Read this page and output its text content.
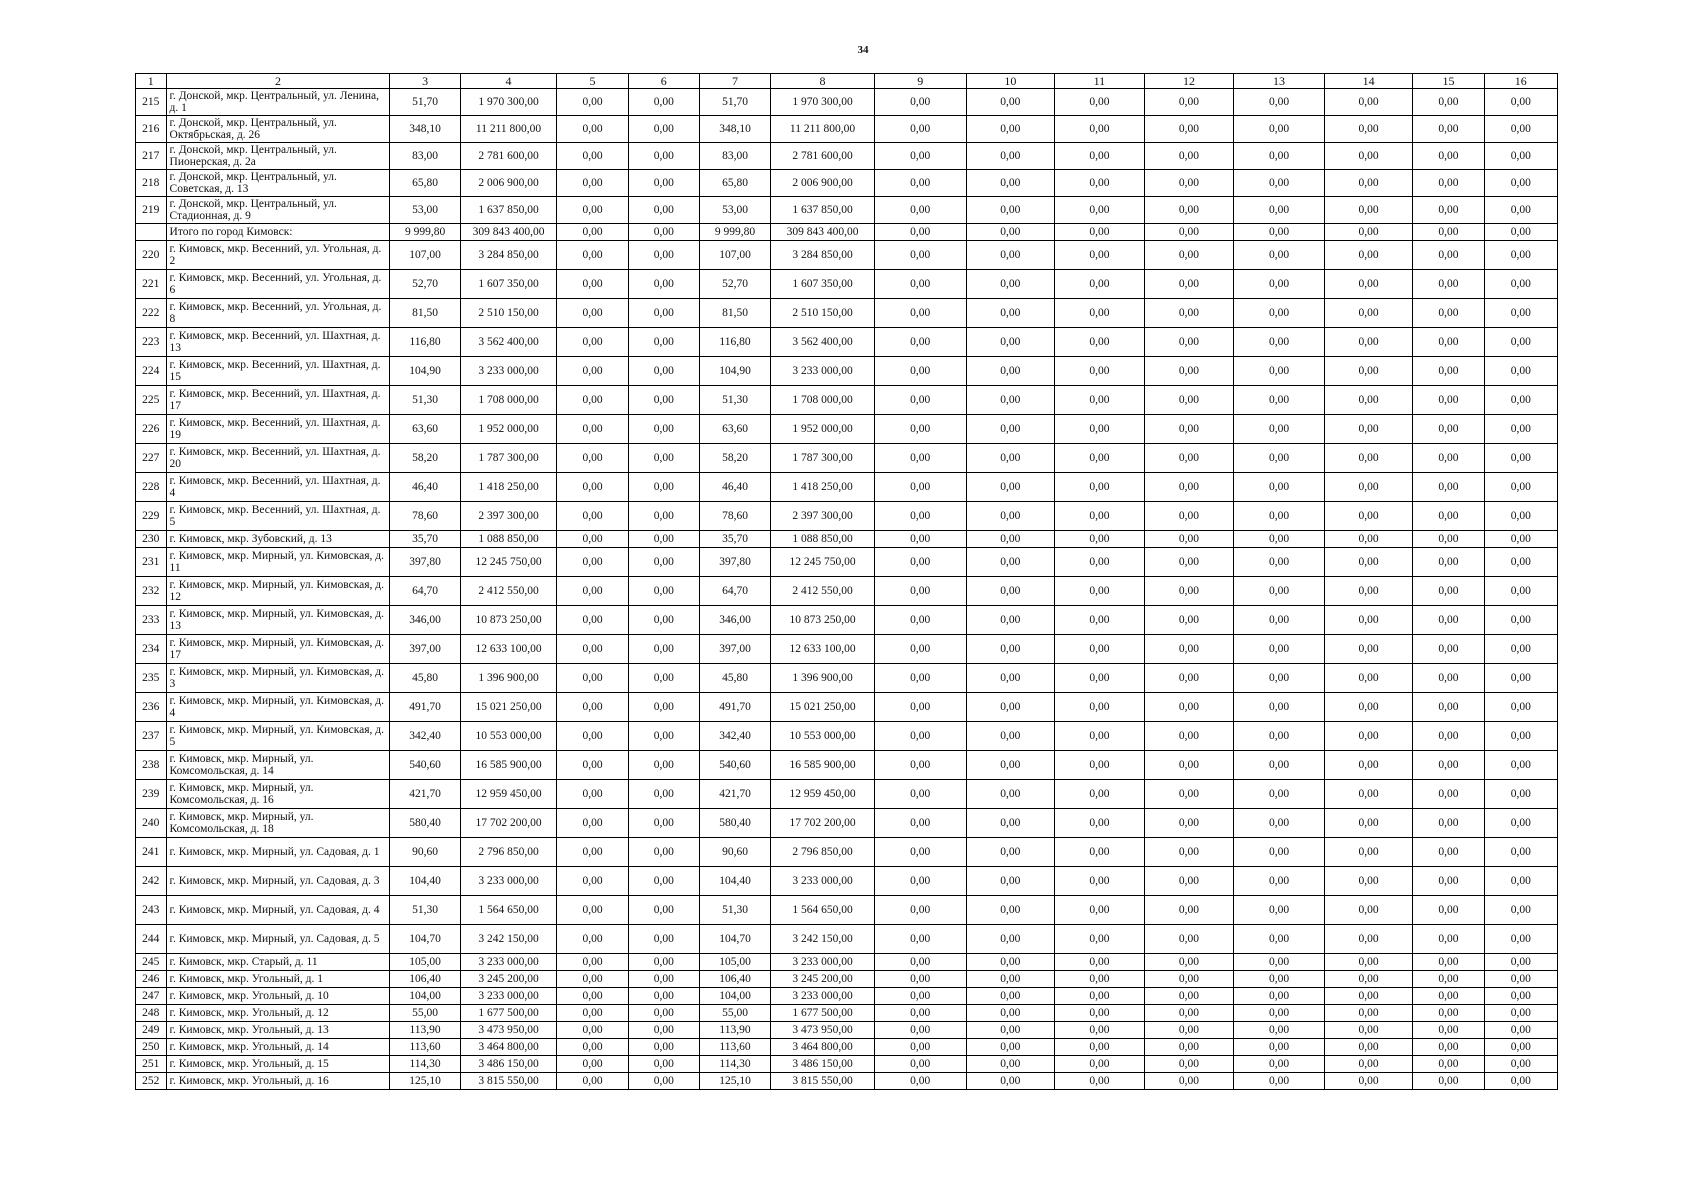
34
1	2	3	4	5	6	7	8	9	10	11	12	13	14	15	16
215	г. Донской, мкр. Центральный, ул. Ленина, д. 1	51,70	1 970 300,00	0,00	0,00	51,70	1 970 300,00	0,00	0,00	0,00	0,00	0,00	0,00	0,00	0,00
216	г. Донской, мкр. Центральный, ул. Октябрьская, д. 26	348,10	11 211 800,00	0,00	0,00	348,10	11 211 800,00	0,00	0,00	0,00	0,00	0,00	0,00	0,00	0,00
217	г. Донской, мкр. Центральный, ул. Пионерская, д. 2а	83,00	2 781 600,00	0,00	0,00	83,00	2 781 600,00	0,00	0,00	0,00	0,00	0,00	0,00	0,00	0,00
218	г. Донской, мкр. Центральный, ул. Советская, д. 13	65,80	2 006 900,00	0,00	0,00	65,80	2 006 900,00	0,00	0,00	0,00	0,00	0,00	0,00	0,00	0,00
219	г. Донской, мкр. Центральный, ул. Стадионная, д. 9	53,00	1 637 850,00	0,00	0,00	53,00	1 637 850,00	0,00	0,00	0,00	0,00	0,00	0,00	0,00	0,00
	Итого по город Кимовск:	9 999,80	309 843 400,00	0,00	0,00	9 999,80	309 843 400,00	0,00	0,00	0,00	0,00	0,00	0,00	0,00	0,00
220	г. Кимовск, мкр. Весенний, ул. Угольная, д. 2	107,00	3 284 850,00	0,00	0,00	107,00	3 284 850,00	0,00	0,00	0,00	0,00	0,00	0,00	0,00	0,00
221	г. Кимовск, мкр. Весенний, ул. Угольная, д. 6	52,70	1 607 350,00	0,00	0,00	52,70	1 607 350,00	0,00	0,00	0,00	0,00	0,00	0,00	0,00	0,00
222	г. Кимовск, мкр. Весенний, ул. Угольная, д. 8	81,50	2 510 150,00	0,00	0,00	81,50	2 510 150,00	0,00	0,00	0,00	0,00	0,00	0,00	0,00	0,00
223	г. Кимовск, мкр. Весенний, ул. Шахтная, д. 13	116,80	3 562 400,00	0,00	0,00	116,80	3 562 400,00	0,00	0,00	0,00	0,00	0,00	0,00	0,00	0,00
224	г. Кимовск, мкр. Весенний, ул. Шахтная, д. 15	104,90	3 233 000,00	0,00	0,00	104,90	3 233 000,00	0,00	0,00	0,00	0,00	0,00	0,00	0,00	0,00
225	г. Кимовск, мкр. Весенний, ул. Шахтная, д. 17	51,30	1 708 000,00	0,00	0,00	51,30	1 708 000,00	0,00	0,00	0,00	0,00	0,00	0,00	0,00	0,00
226	г. Кимовск, мкр. Весенний, ул. Шахтная, д. 19	63,60	1 952 000,00	0,00	0,00	63,60	1 952 000,00	0,00	0,00	0,00	0,00	0,00	0,00	0,00	0,00
227	г. Кимовск, мкр. Весенний, ул. Шахтная, д. 20	58,20	1 787 300,00	0,00	0,00	58,20	1 787 300,00	0,00	0,00	0,00	0,00	0,00	0,00	0,00	0,00
228	г. Кимовск, мкр. Весенний, ул. Шахтная, д. 4	46,40	1 418 250,00	0,00	0,00	46,40	1 418 250,00	0,00	0,00	0,00	0,00	0,00	0,00	0,00	0,00
229	г. Кимовск, мкр. Весенний, ул. Шахтная, д. 5	78,60	2 397 300,00	0,00	0,00	78,60	2 397 300,00	0,00	0,00	0,00	0,00	0,00	0,00	0,00	0,00
230	г. Кимовск, мкр. Зубовский, д. 13	35,70	1 088 850,00	0,00	0,00	35,70	1 088 850,00	0,00	0,00	0,00	0,00	0,00	0,00	0,00	0,00
231	г. Кимовск, мкр. Мирный, ул. Кимовская, д. 11	397,80	12 245 750,00	0,00	0,00	397,80	12 245 750,00	0,00	0,00	0,00	0,00	0,00	0,00	0,00	0,00
232	г. Кимовск, мкр. Мирный, ул. Кимовская, д. 12	64,70	2 412 550,00	0,00	0,00	64,70	2 412 550,00	0,00	0,00	0,00	0,00	0,00	0,00	0,00	0,00
233	г. Кимовск, мкр. Мирный, ул. Кимовская, д. 13	346,00	10 873 250,00	0,00	0,00	346,00	10 873 250,00	0,00	0,00	0,00	0,00	0,00	0,00	0,00	0,00
234	г. Кимовск, мкр. Мирный, ул. Кимовская, д. 17	397,00	12 633 100,00	0,00	0,00	397,00	12 633 100,00	0,00	0,00	0,00	0,00	0,00	0,00	0,00	0,00
235	г. Кимовск, мкр. Мирный, ул. Кимовская, д. 3	45,80	1 396 900,00	0,00	0,00	45,80	1 396 900,00	0,00	0,00	0,00	0,00	0,00	0,00	0,00	0,00
236	г. Кимовск, мкр. Мирный, ул. Кимовская, д. 4	491,70	15 021 250,00	0,00	0,00	491,70	15 021 250,00	0,00	0,00	0,00	0,00	0,00	0,00	0,00	0,00
237	г. Кимовск, мкр. Мирный, ул. Кимовская, д. 5	342,40	10 553 000,00	0,00	0,00	342,40	10 553 000,00	0,00	0,00	0,00	0,00	0,00	0,00	0,00	0,00
238	г. Кимовск, мкр. Мирный, ул. Комсомольская, д. 14	540,60	16 585 900,00	0,00	0,00	540,60	16 585 900,00	0,00	0,00	0,00	0,00	0,00	0,00	0,00	0,00
239	г. Кимовск, мкр. Мирный, ул. Комсомольская, д. 16	421,70	12 959 450,00	0,00	0,00	421,70	12 959 450,00	0,00	0,00	0,00	0,00	0,00	0,00	0,00	0,00
240	г. Кимовск, мкр. Мирный, ул. Комсомольская, д. 18	580,40	17 702 200,00	0,00	0,00	580,40	17 702 200,00	0,00	0,00	0,00	0,00	0,00	0,00	0,00	0,00
241	г. Кимовск, мкр. Мирный, ул. Садовая, д. 1	90,60	2 796 850,00	0,00	0,00	90,60	2 796 850,00	0,00	0,00	0,00	0,00	0,00	0,00	0,00	0,00
242	г. Кимовск, мкр. Мирный, ул. Садовая, д. 3	104,40	3 233 000,00	0,00	0,00	104,40	3 233 000,00	0,00	0,00	0,00	0,00	0,00	0,00	0,00	0,00
243	г. Кимовск, мкр. Мирный, ул. Садовая, д. 4	51,30	1 564 650,00	0,00	0,00	51,30	1 564 650,00	0,00	0,00	0,00	0,00	0,00	0,00	0,00	0,00
244	г. Кимовск, мкр. Мирный, ул. Садовая, д. 5	104,70	3 242 150,00	0,00	0,00	104,70	3 242 150,00	0,00	0,00	0,00	0,00	0,00	0,00	0,00	0,00
245	г. Кимовск, мкр. Старый, д. 11	105,00	3 233 000,00	0,00	0,00	105,00	3 233 000,00	0,00	0,00	0,00	0,00	0,00	0,00	0,00	0,00
246	г. Кимовск, мкр. Угольный, д. 1	106,40	3 245 200,00	0,00	0,00	106,40	3 245 200,00	0,00	0,00	0,00	0,00	0,00	0,00	0,00	0,00
247	г. Кимовск, мкр. Угольный, д. 10	104,00	3 233 000,00	0,00	0,00	104,00	3 233 000,00	0,00	0,00	0,00	0,00	0,00	0,00	0,00	0,00
248	г. Кимовск, мкр. Угольный, д. 12	55,00	1 677 500,00	0,00	0,00	55,00	1 677 500,00	0,00	0,00	0,00	0,00	0,00	0,00	0,00	0,00
249	г. Кимовск, мкр. Угольный, д. 13	113,90	3 473 950,00	0,00	0,00	113,90	3 473 950,00	0,00	0,00	0,00	0,00	0,00	0,00	0,00	0,00
250	г. Кимовск, мкр. Угольный, д. 14	113,60	3 464 800,00	0,00	0,00	113,60	3 464 800,00	0,00	0,00	0,00	0,00	0,00	0,00	0,00	0,00
251	г. Кимовск, мкр. Угольный, д. 15	114,30	3 486 150,00	0,00	0,00	114,30	3 486 150,00	0,00	0,00	0,00	0,00	0,00	0,00	0,00	0,00
252	г. Кимовск, мкр. Угольный, д. 16	125,10	3 815 550,00	0,00	0,00	125,10	3 815 550,00	0,00	0,00	0,00	0,00	0,00	0,00	0,00	0,00
